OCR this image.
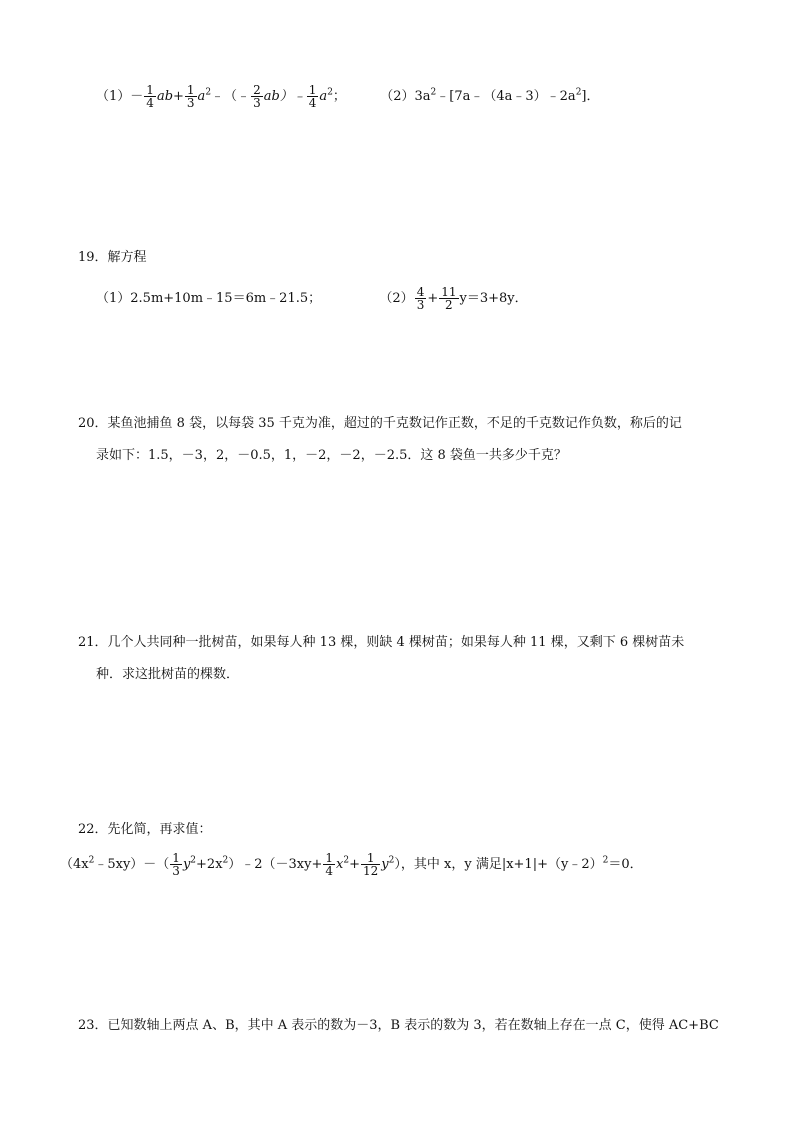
$(1)- \frac{1}{4} ab+ \frac{1}{3}$ $a^2﹣(﹣ \frac{2}{3}$ ab）﹣ $\frac{1}{4} a^2$；	$(2)3a^2﹣[7a﹣(4a﹣3)﹣2a^2]$．
19．解方程
（1）2.5m+10m﹣15＝6m﹣21.5；	$(2) \frac{4}{3} + \frac{11}{2} y=3+8y$．
20．某鱼池捕鱼 8 袋，以每袋 35 千克为准，超过的千克数记作正数，不足的千克数记作负数，称后的记
录如下：1.5，－3，2，－0.5，1，－2，－2，－2.5．这 8 袋鱼一共多少千克？
21．几个人共同种一批树苗，如果每人种 13 棵，则缺 4 棵树苗；如果每人种 11 棵，又剩下 6 棵树苗未
种．求这批树苗的棵数．
22．先化简，再求值：
$(4x^2﹣5xy)-( \frac{1}{3}$ $y^2+2x^2)﹣2(-3xy+ \frac{1}{4} x^2+ \frac{1}{12} y^2)$，其中 x，y 满足|x+1|+（y﹣2）$^2$＝0．
23．已知数轴上两点 A、B，其中 A 表示的数为－3，B 表示的数为 3，若在数轴上存在一点 C，使得 AC+BC
